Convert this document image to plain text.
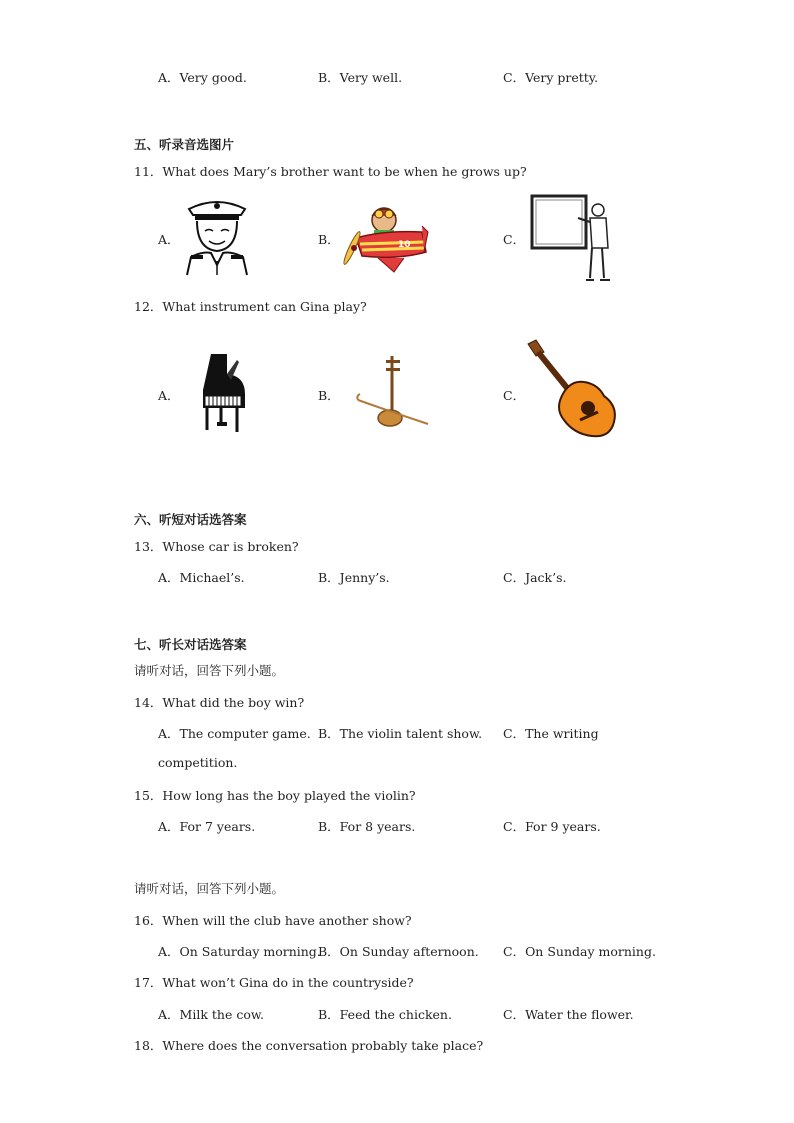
A．Very good.	B．Very well.	C．Very pretty.
五、听录音选图片
11．What does Mary’s brother want to be when he grows up?
A．	B．	10	C．
12．What instrument can Gina play?
A．	B．	C．
六、听短对话选答案
13．Whose car is broken?
A．Michael’s.	B．Jenny’s.	C．Jack’s.
七、听长对话选答案
请听对话，回答下列小题。
14．What did the boy win?
A．The computer game. B．The violin talent show. C．The writing
competition.
15．How long has the boy played the violin?
A．For 7 years.	B．For 8 years.	C．For 9 years.
请听对话，回答下列小题。
16．When will the club have another show?
A．On Saturday morning.
B．On Sunday afternoon. C．On Sunday morning.
17．What won’t Gina do in the countryside?
A．Milk the cow.	B．Feed the chicken.	C．Water the flower.
18．Where does the conversation probably take place?
